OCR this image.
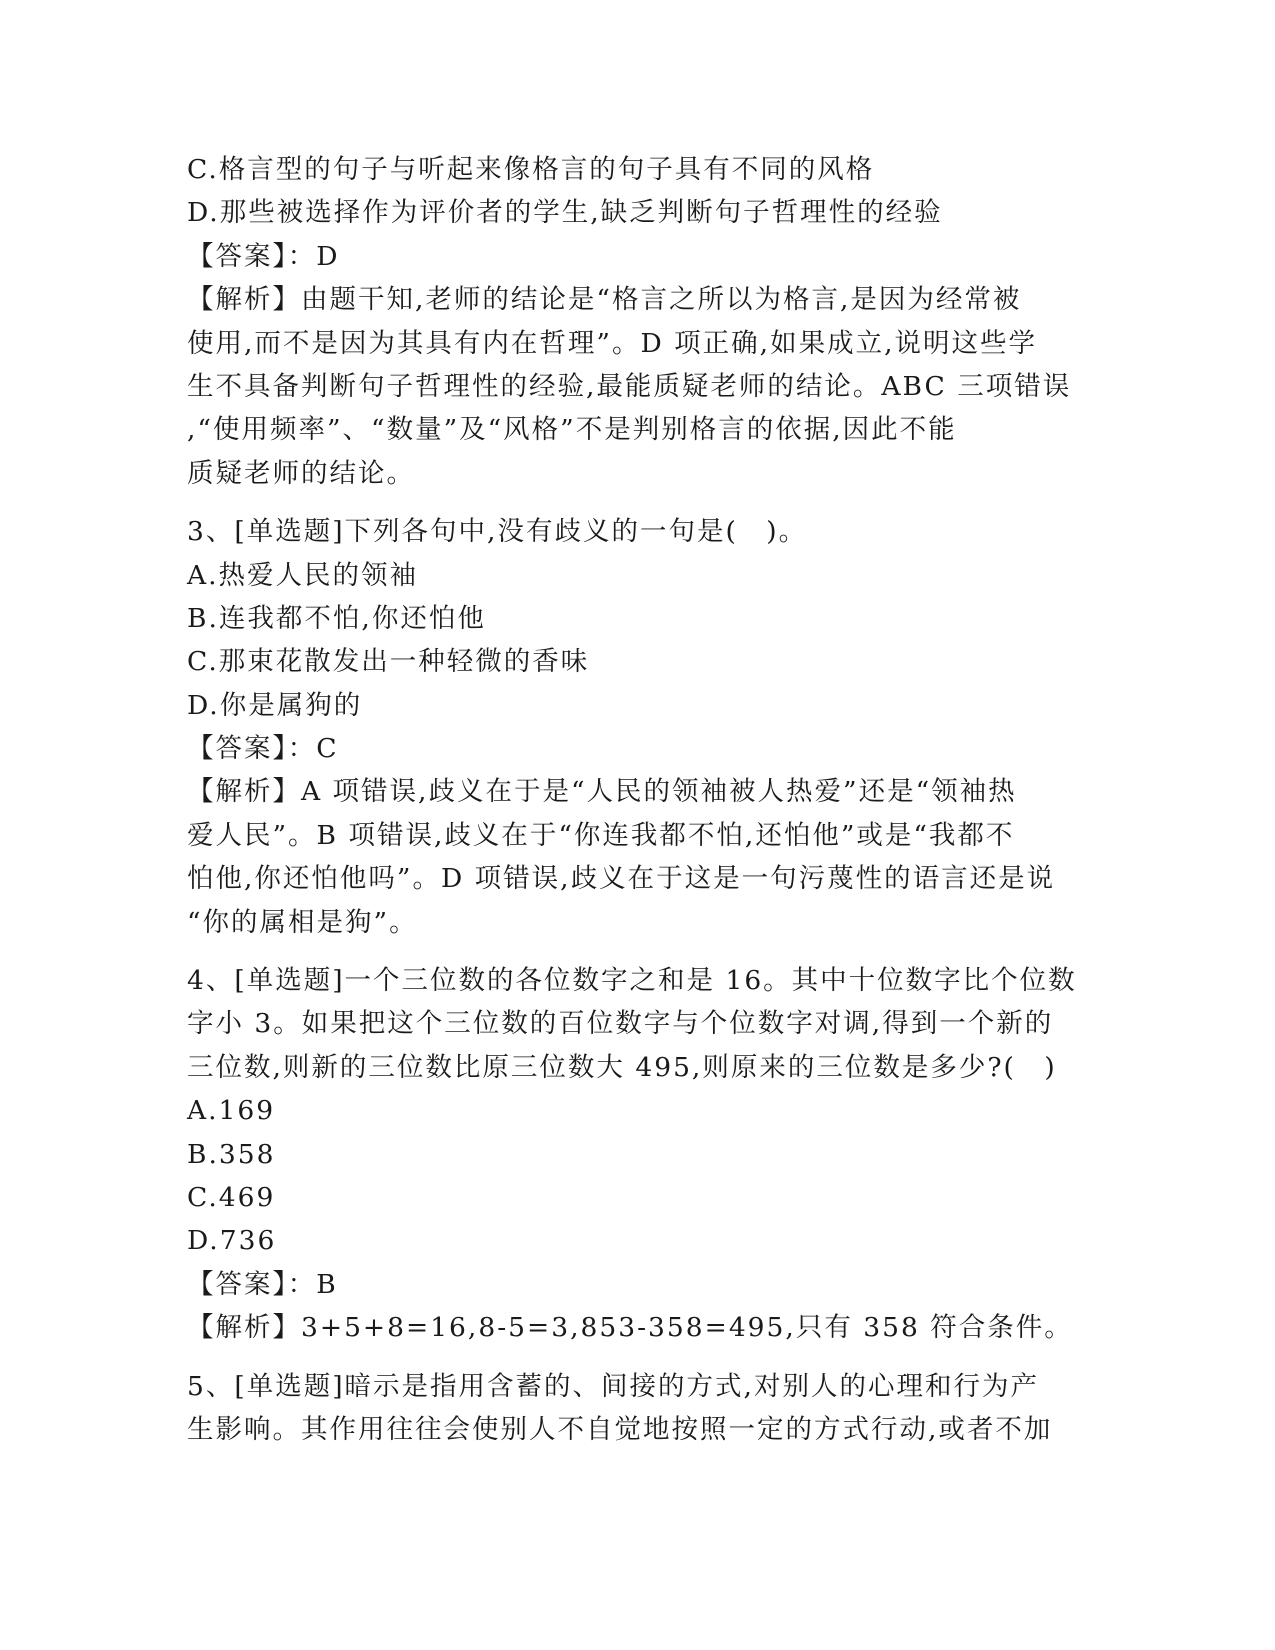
C.格言型的句子与听起来像格言的句子具有不同的风格
D.那些被选择作为评价者的学生,缺乏判断句子哲理性的经验
【答案】：D
【解析】由题干知,老师的结论是“格言之所以为格言,是因为经常被
使用,而不是因为其具有内在哲理”。D 项正确,如果成立,说明这些学
生不具备判断句子哲理性的经验,最能质疑老师的结论。ABC 三项错误
,“使用频率”、“数量”及“风格”不是判别格言的依据,因此不能
质疑老师的结论。
3、[单选题]下列各句中,没有歧义的一句是(　)。
A.热爱人民的领袖
B.连我都不怕,你还怕他
C.那束花散发出一种轻微的香味
D.你是属狗的
【答案】：C
【解析】A 项错误,歧义在于是“人民的领袖被人热爱”还是“领袖热
爱人民”。B 项错误,歧义在于“你连我都不怕,还怕他”或是“我都不
怕他,你还怕他吗”。D 项错误,歧义在于这是一句污蔑性的语言还是说
“你的属相是狗”。
4、[单选题]一个三位数的各位数字之和是 16。其中十位数字比个位数
字小 3。如果把这个三位数的百位数字与个位数字对调,得到一个新的
三位数,则新的三位数比原三位数大 495,则原来的三位数是多少?(　)
A.169
B.358
C.469
D.736
【答案】：B
【解析】3+5+8=16,8-5=3,853-358=495,只有 358 符合条件。
5、[单选题]暗示是指用含蓄的、间接的方式,对别人的心理和行为产
生影响。其作用往往会使别人不自觉地按照一定的方式行动,或者不加
